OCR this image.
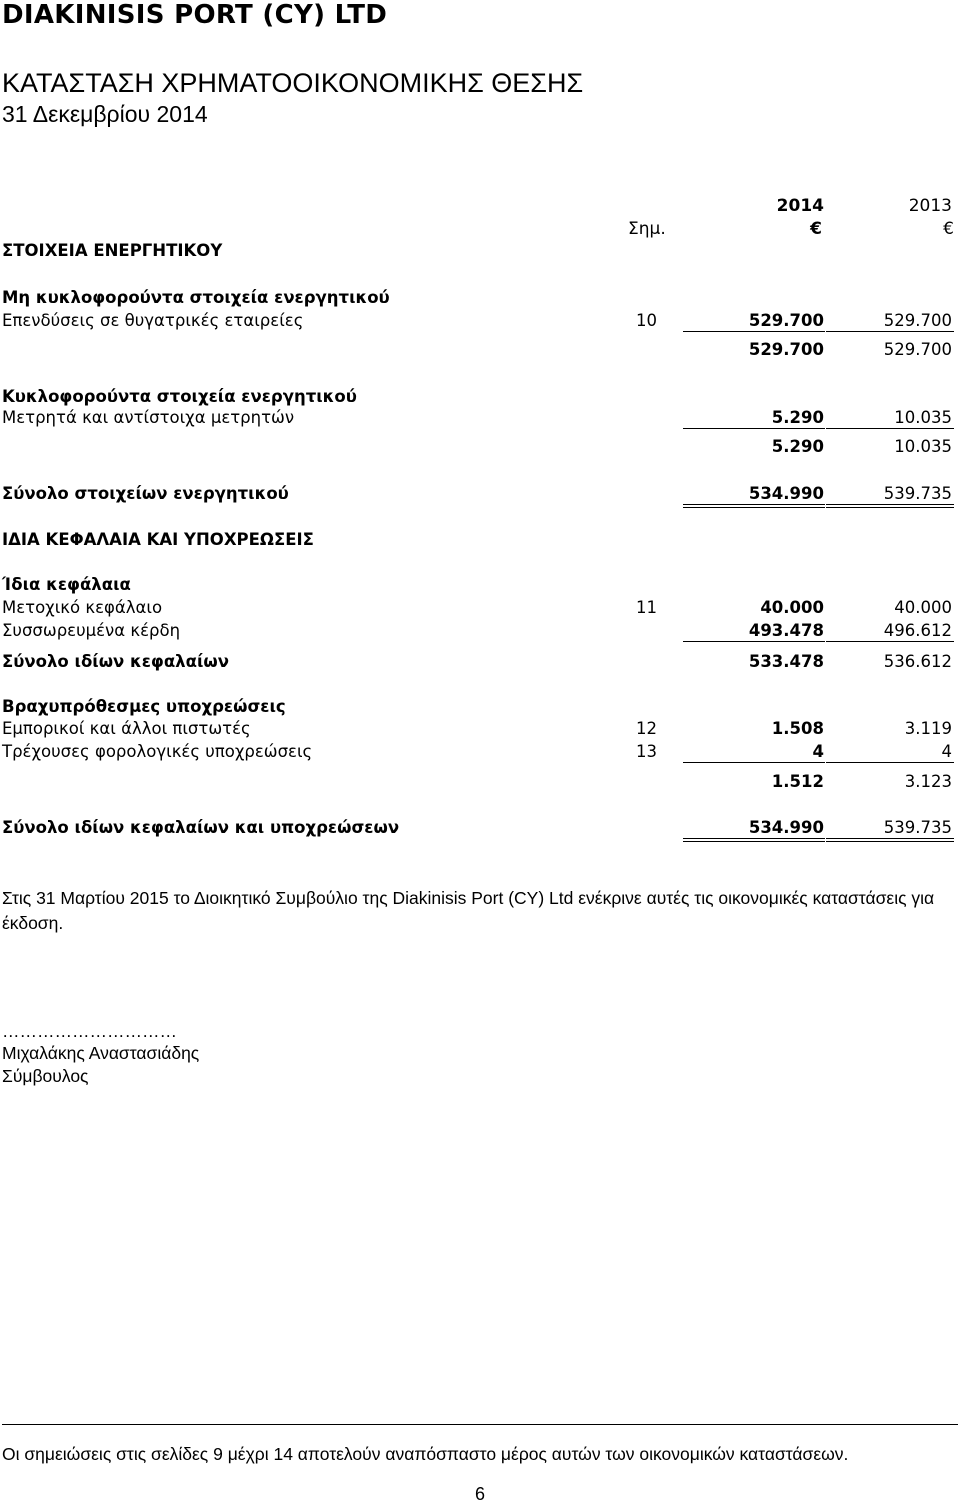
DIAKINISIS PORT (CY) LTD
ΚΑΤΑΣΤΑΣΗ ΧΡΗΜΑΤΟΟΙΚΟΝΟΜΙΚΗΣ ΘΕΣΗΣ
31 Δεκεμβρίου 2014
2014	2013
Σημ.	€	€
ΣΤΟΙΧΕΙΑ ΕΝΕΡΓΗΤΙΚΟΥ
Μη κυκλοφορούντα στοιχεία ενεργητικού
Επενδύσεις σε θυγατρικές εταιρείες	10	529.700	529.700
529.700	529.700
Κυκλοφορούντα στοιχεία ενεργητικού
Μετρητά και αντίστοιχα μετρητών	5.290	10.035
5.290	10.035
Σύνολο στοιχείων ενεργητικού	534.990	539.735
ΙΔΙΑ ΚΕΦΑΛΑΙΑ ΚΑΙ ΥΠΟΧΡΕΩΣΕΙΣ
Ίδια κεφάλαια
Μετοχικό κεφάλαιο	11	40.000	40.000
Συσσωρευμένα κέρδη	493.478	496.612
Σύνολο ιδίων κεφαλαίων	533.478	536.612
Βραχυπρόθεσμες υποχρεώσεις
Εμπορικοί και άλλοι πιστωτές	12	1.508	3.119
Τρέχουσες φορολογικές υποχρεώσεις	13	4	4
1.512	3.123
Σύνολο ιδίων κεφαλαίων και υποχρεώσεων	534.990	539.735
Στις 31 Μαρτίου 2015 το Διοικητικό Συμβούλιο της Diakinisis Port (CY) Ltd ενέκρινε αυτές τις οικονομικές καταστάσεις για έκδοση.
…………………………
Μιχαλάκης Αναστασιάδης
Σύμβουλος
Οι σημειώσεις στις σελίδες 9 μέχρι 14 αποτελούν αναπόσπαστο μέρος αυτών των οικονομικών καταστάσεων.
6
